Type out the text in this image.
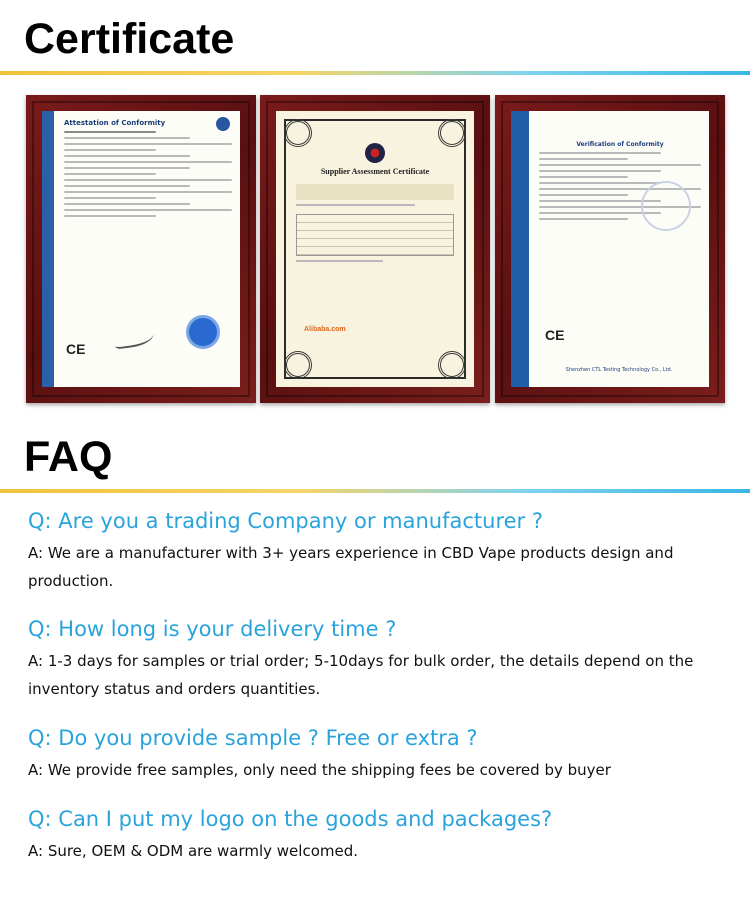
Certificate
ZERTIFIKAT • CERTIFICATE • СЕРТИФИКАТ
Attestation of Conformity
CE
Supplier Assessment Certificate
Alibaba.com
VERIFICATION • ПРОВЕРКА • VERIFIZIERUNG
Verification of Conformity
CE
Shenzhen CTL Testing Technology Co., Ltd.
FAQ

Q: Are you a trading Company or manufacturer ?

A: We are a manufacturer with 3+ years experience in CBD Vape products design and production.

Q: How long is your delivery time ?

A: 1-3 days for samples or trial order; 5-10days for bulk order, the details depend on the inventory status and orders quantities.

Q: Do you provide sample ? Free or extra ?

A: We provide free samples, only need the shipping fees be covered by buyer

Q: Can I put my logo on the goods and packages?

A: Sure, OEM & ODM are warmly welcomed.
